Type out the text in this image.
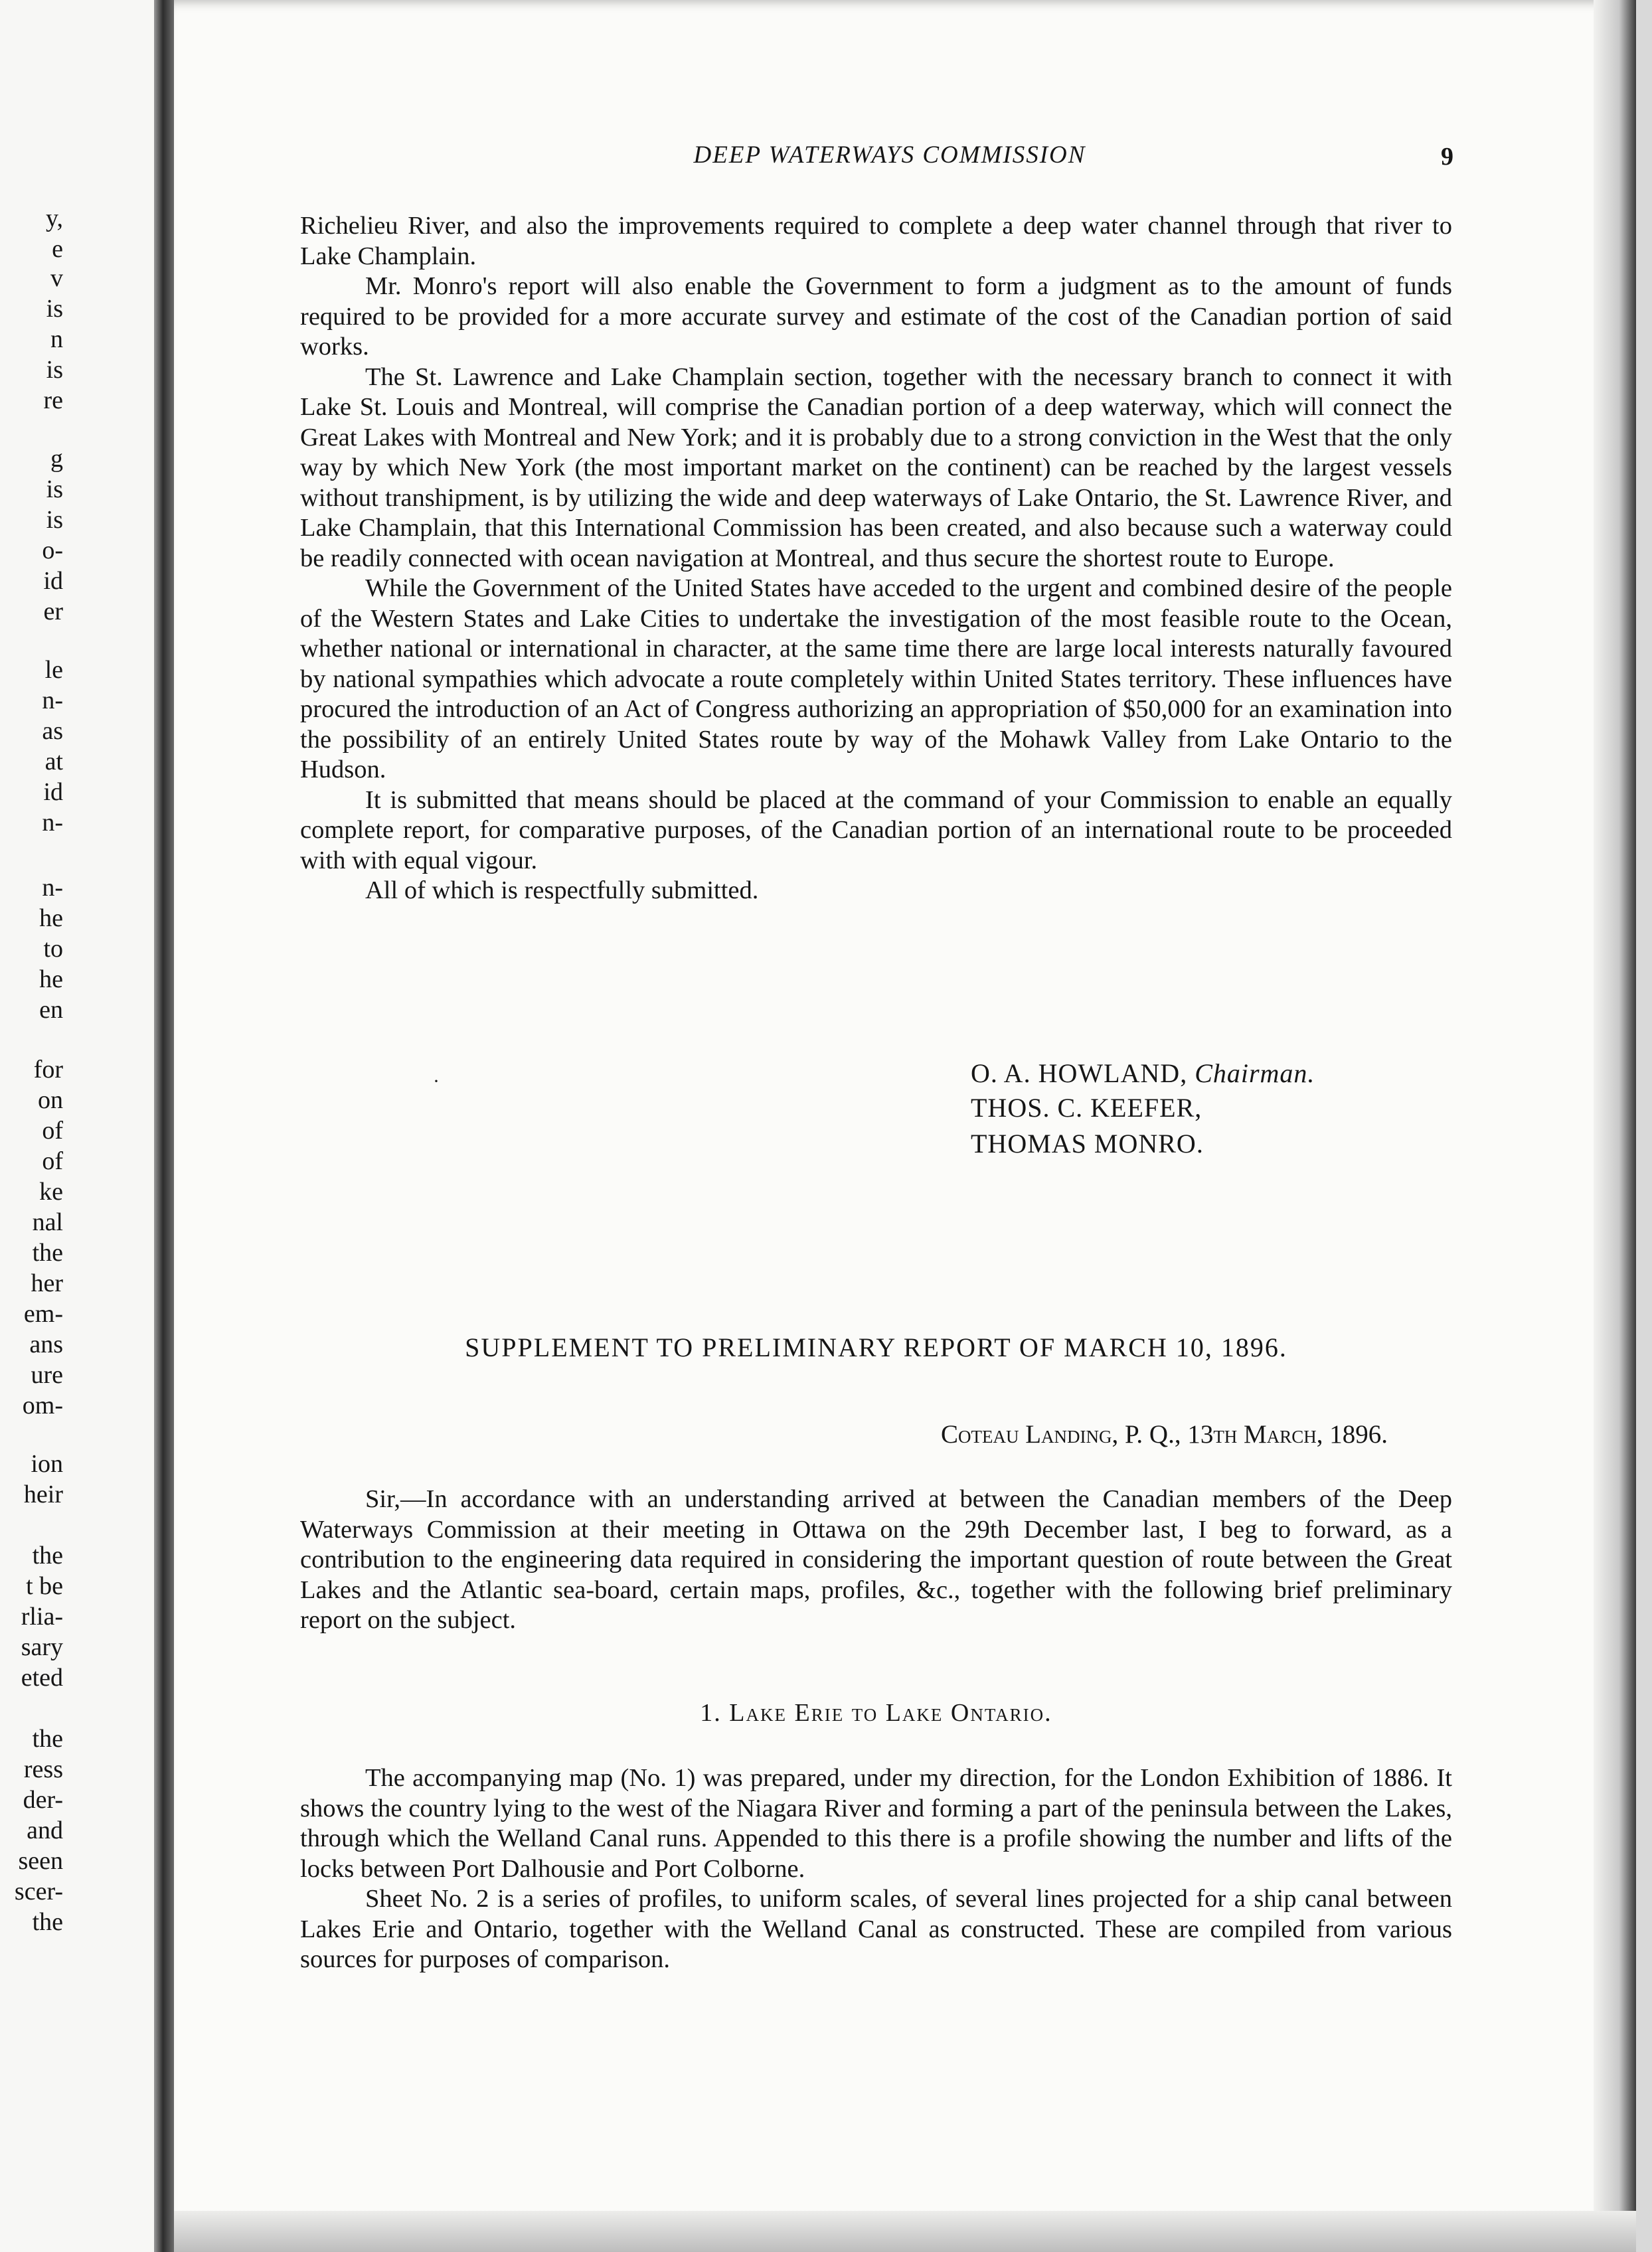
DEEP WATERWAYS COMMISSION	9

Richelieu River, and also the improvements required to complete a deep water channel through that river to Lake Champlain.

Mr. Monro's report will also enable the Government to form a judgment as to the amount of funds required to be provided for a more accurate survey and estimate of the cost of the Canadian portion of said works.

The St. Lawrence and Lake Champlain section, together with the necessary branch to connect it with Lake St. Louis and Montreal, will comprise the Canadian portion of a deep waterway, which will connect the Great Lakes with Montreal and New York; and it is probably due to a strong conviction in the West that the only way by which New York (the most important market on the continent) can be reached by the largest vessels without transhipment, is by utilizing the wide and deep waterways of Lake Ontario, the St. Lawrence River, and Lake Champlain, that this International Commission has been created, and also because such a waterway could be readily connected with ocean navigation at Montreal, and thus secure the shortest route to Europe.

While the Government of the United States have acceded to the urgent and combined desire of the people of the Western States and Lake Cities to undertake the investigation of the most feasible route to the Ocean, whether national or international in character, at the same time there are large local interests naturally favoured by national sympathies which advocate a route completely within United States territory. These influences have procured the introduction of an Act of Congress authorizing an appropriation of $50,000 for an examination into the possibility of an entirely United States route by way of the Mohawk Valley from Lake Ontario to the Hudson.

It is submitted that means should be placed at the command of your Commission to enable an equally complete report, for comparative purposes, of the Canadian portion of an international route to be proceeded with with equal vigour.

All of which is respectfully submitted.

·	O. A. HOWLAND, Chairman.
THOS. C. KEEFER,
THOMAS MONRO.
SUPPLEMENT TO PRELIMINARY REPORT OF MARCH 10, 1896.
Coteau Landing, P. Q., 13th March, 1896.

Sir,—In accordance with an understanding arrived at between the Canadian members of the Deep Waterways Commission at their meeting in Ottawa on the 29th December last, I beg to forward, as a contribution to the engineering data required in considering the important question of route between the Great Lakes and the Atlantic sea-board, certain maps, profiles, &c., together with the following brief preliminary report on the subject.

1. Lake Erie to Lake Ontario.

The accompanying map (No. 1) was prepared, under my direction, for the London Exhibition of 1886. It shows the country lying to the west of the Niagara River and forming a part of the peninsula between the Lakes, through which the Welland Canal runs. Appended to this there is a profile showing the number and lifts of the locks between Port Dalhousie and Port Colborne.

Sheet No. 2 is a series of profiles, to uniform scales, of several lines projected for a ship canal between Lakes Erie and Ontario, together with the Welland Canal as constructed. These are compiled from various sources for purposes of comparison.

y,
e
v
is
n
is
re
g
is
is
o-
id
er
le
n-
as
at
id
n-
n-
he
to
he
en
for
on
of
of
ke
nal
the
her
em-
ans
ure
om-
ion
heir
the
t be
rlia-
sary
eted
the
ress
der-
and
seen
scer-
the
